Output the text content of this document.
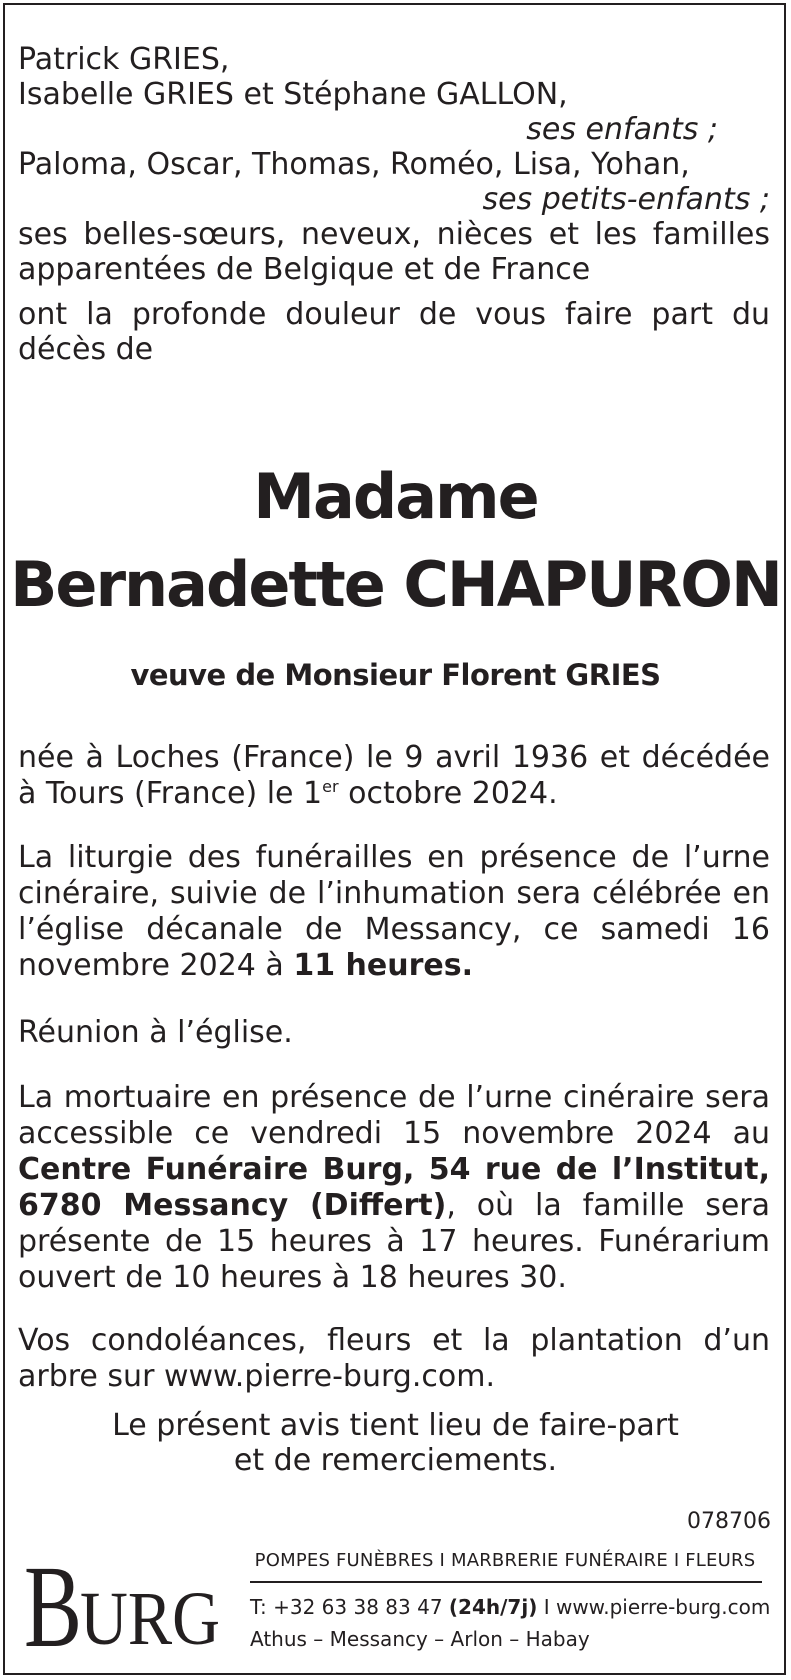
Patrick GRIES,
Isabelle GRIES et Stéphane GALLON,
ses enfants ;
Paloma, Oscar, Thomas, Roméo, Lisa, Yohan,
ses petits-enfants ;
ses belles-sœurs, neveux, nièces et les familles
apparentées de Belgique et de France
ont la profonde douleur de vous faire part du
décès de
Madame
Bernadette CHAPURON
veuve de Monsieur Florent GRIES
née à Loches (France) le 9 avril 1936 et décédée à Tours (France) le 1er octobre 2024.
La liturgie des funérailles en présence de l’urne cinéraire, suivie de l’inhumation sera célébrée en l’église décanale de Messancy, ce samedi 16 novembre 2024 à 11 heures.
Réunion à l’église.
La mortuaire en présence de l’urne cinéraire sera accessible ce vendredi 15 novembre 2024 au Centre Funéraire Burg, 54 rue de l’Institut, 6780 Messancy (Differt), où la famille sera présente de 15 heures à 17 heures. Funérarium ouvert de 10 heures à 18 heures 30.
Vos condoléances, fleurs et la plantation d’un arbre sur www.pierre-burg.com.
Le présent avis tient lieu de faire-part
et de remerciements.
078706
B
URG
POMPES FUNÈBRES I MARBRERIE FUNÉRAIRE I FLEURS
T: +32 63 38 83 47 (24h/7j) I www.pierre-burg.com
Athus – Messancy – Arlon – Habay
